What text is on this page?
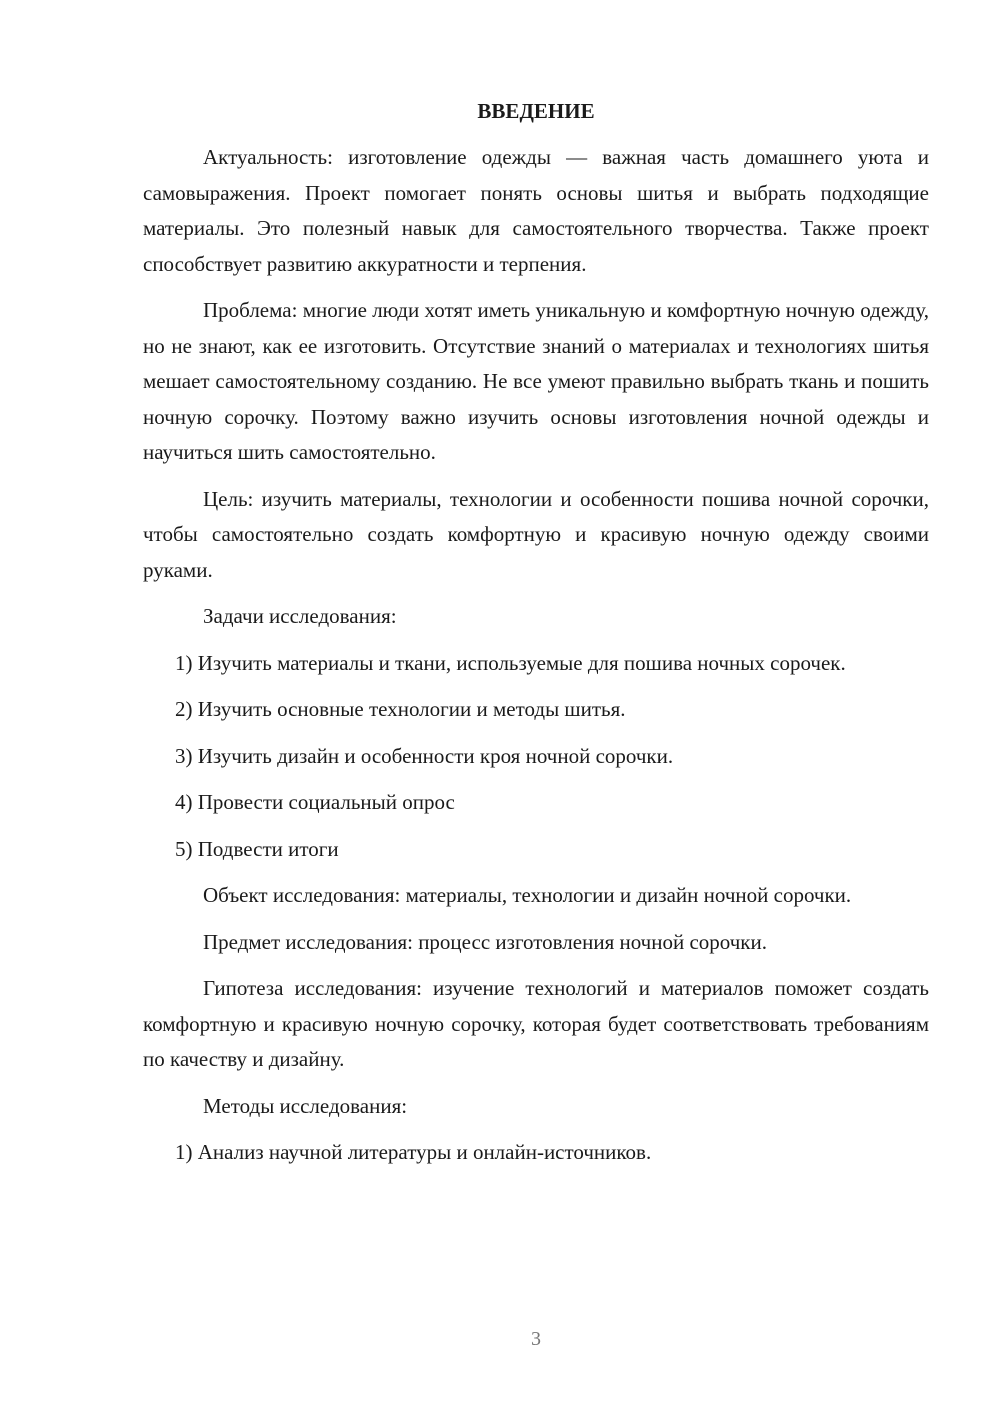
ВВЕДЕНИЕ

Актуальность: изготовление одежды — важная часть домашнего уюта и самовыражения. Проект помогает понять основы шитья и выбрать подходящие материалы. Это полезный навык для самостоятельного творчества. Также проект способствует развитию аккуратности и терпения.

Проблема: многие люди хотят иметь уникальную и комфортную ночную одежду, но не знают, как ее изготовить. Отсутствие знаний о материалах и технологиях шитья мешает самостоятельному созданию. Не все умеют правильно выбрать ткань и пошить ночную сорочку. Поэтому важно изучить основы изготовления ночной одежды и научиться шить самостоятельно.

Цель: изучить материалы, технологии и особенности пошива ночной сорочки, чтобы самостоятельно создать комфортную и красивую ночную одежду своими руками.

Задачи исследования:

1) Изучить материалы и ткани, используемые для пошива ночных сорочек.

2) Изучить основные технологии и методы шитья.

3) Изучить дизайн и особенности кроя ночной сорочки.

4) Провести социальный опрос

5) Подвести итоги

Объект исследования: материалы, технологии и дизайн ночной сорочки.

Предмет исследования: процесс изготовления ночной сорочки.

Гипотеза исследования: изучение технологий и материалов поможет создать комфортную и красивую ночную сорочку, которая будет соответствовать требованиям по качеству и дизайну.

Методы исследования:

1) Анализ научной литературы и онлайн-источников.

3
